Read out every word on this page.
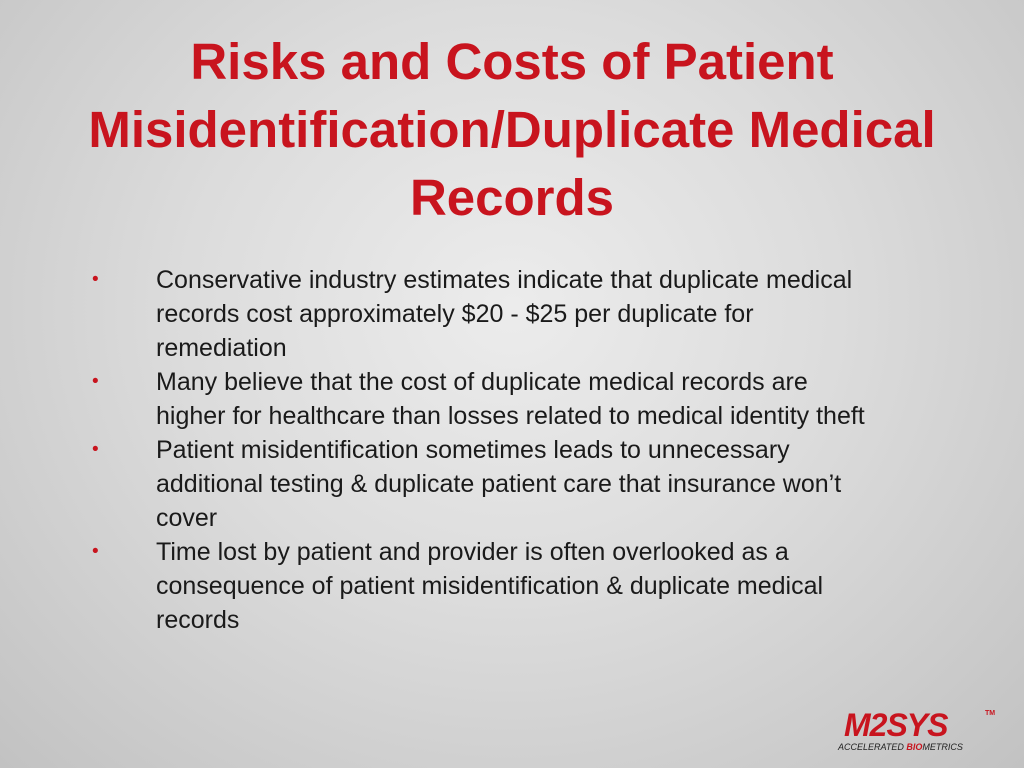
Risks and Costs of Patient
Misidentification/Duplicate Medical
Records
• Conservative industry estimates indicate that duplicate medical
records cost approximately $20 - $25 per duplicate for
remediation
• Many believe that the cost of duplicate medical records are
higher for healthcare than losses related to medical identity theft
• Patient misidentification sometimes leads to unnecessary
additional testing & duplicate patient care that insurance won’t
cover
• Time lost by patient and provider is often overlooked as a
consequence of patient misidentification & duplicate medical
records
M2SYS	TM
ACCELERATED BIOMETRICS
